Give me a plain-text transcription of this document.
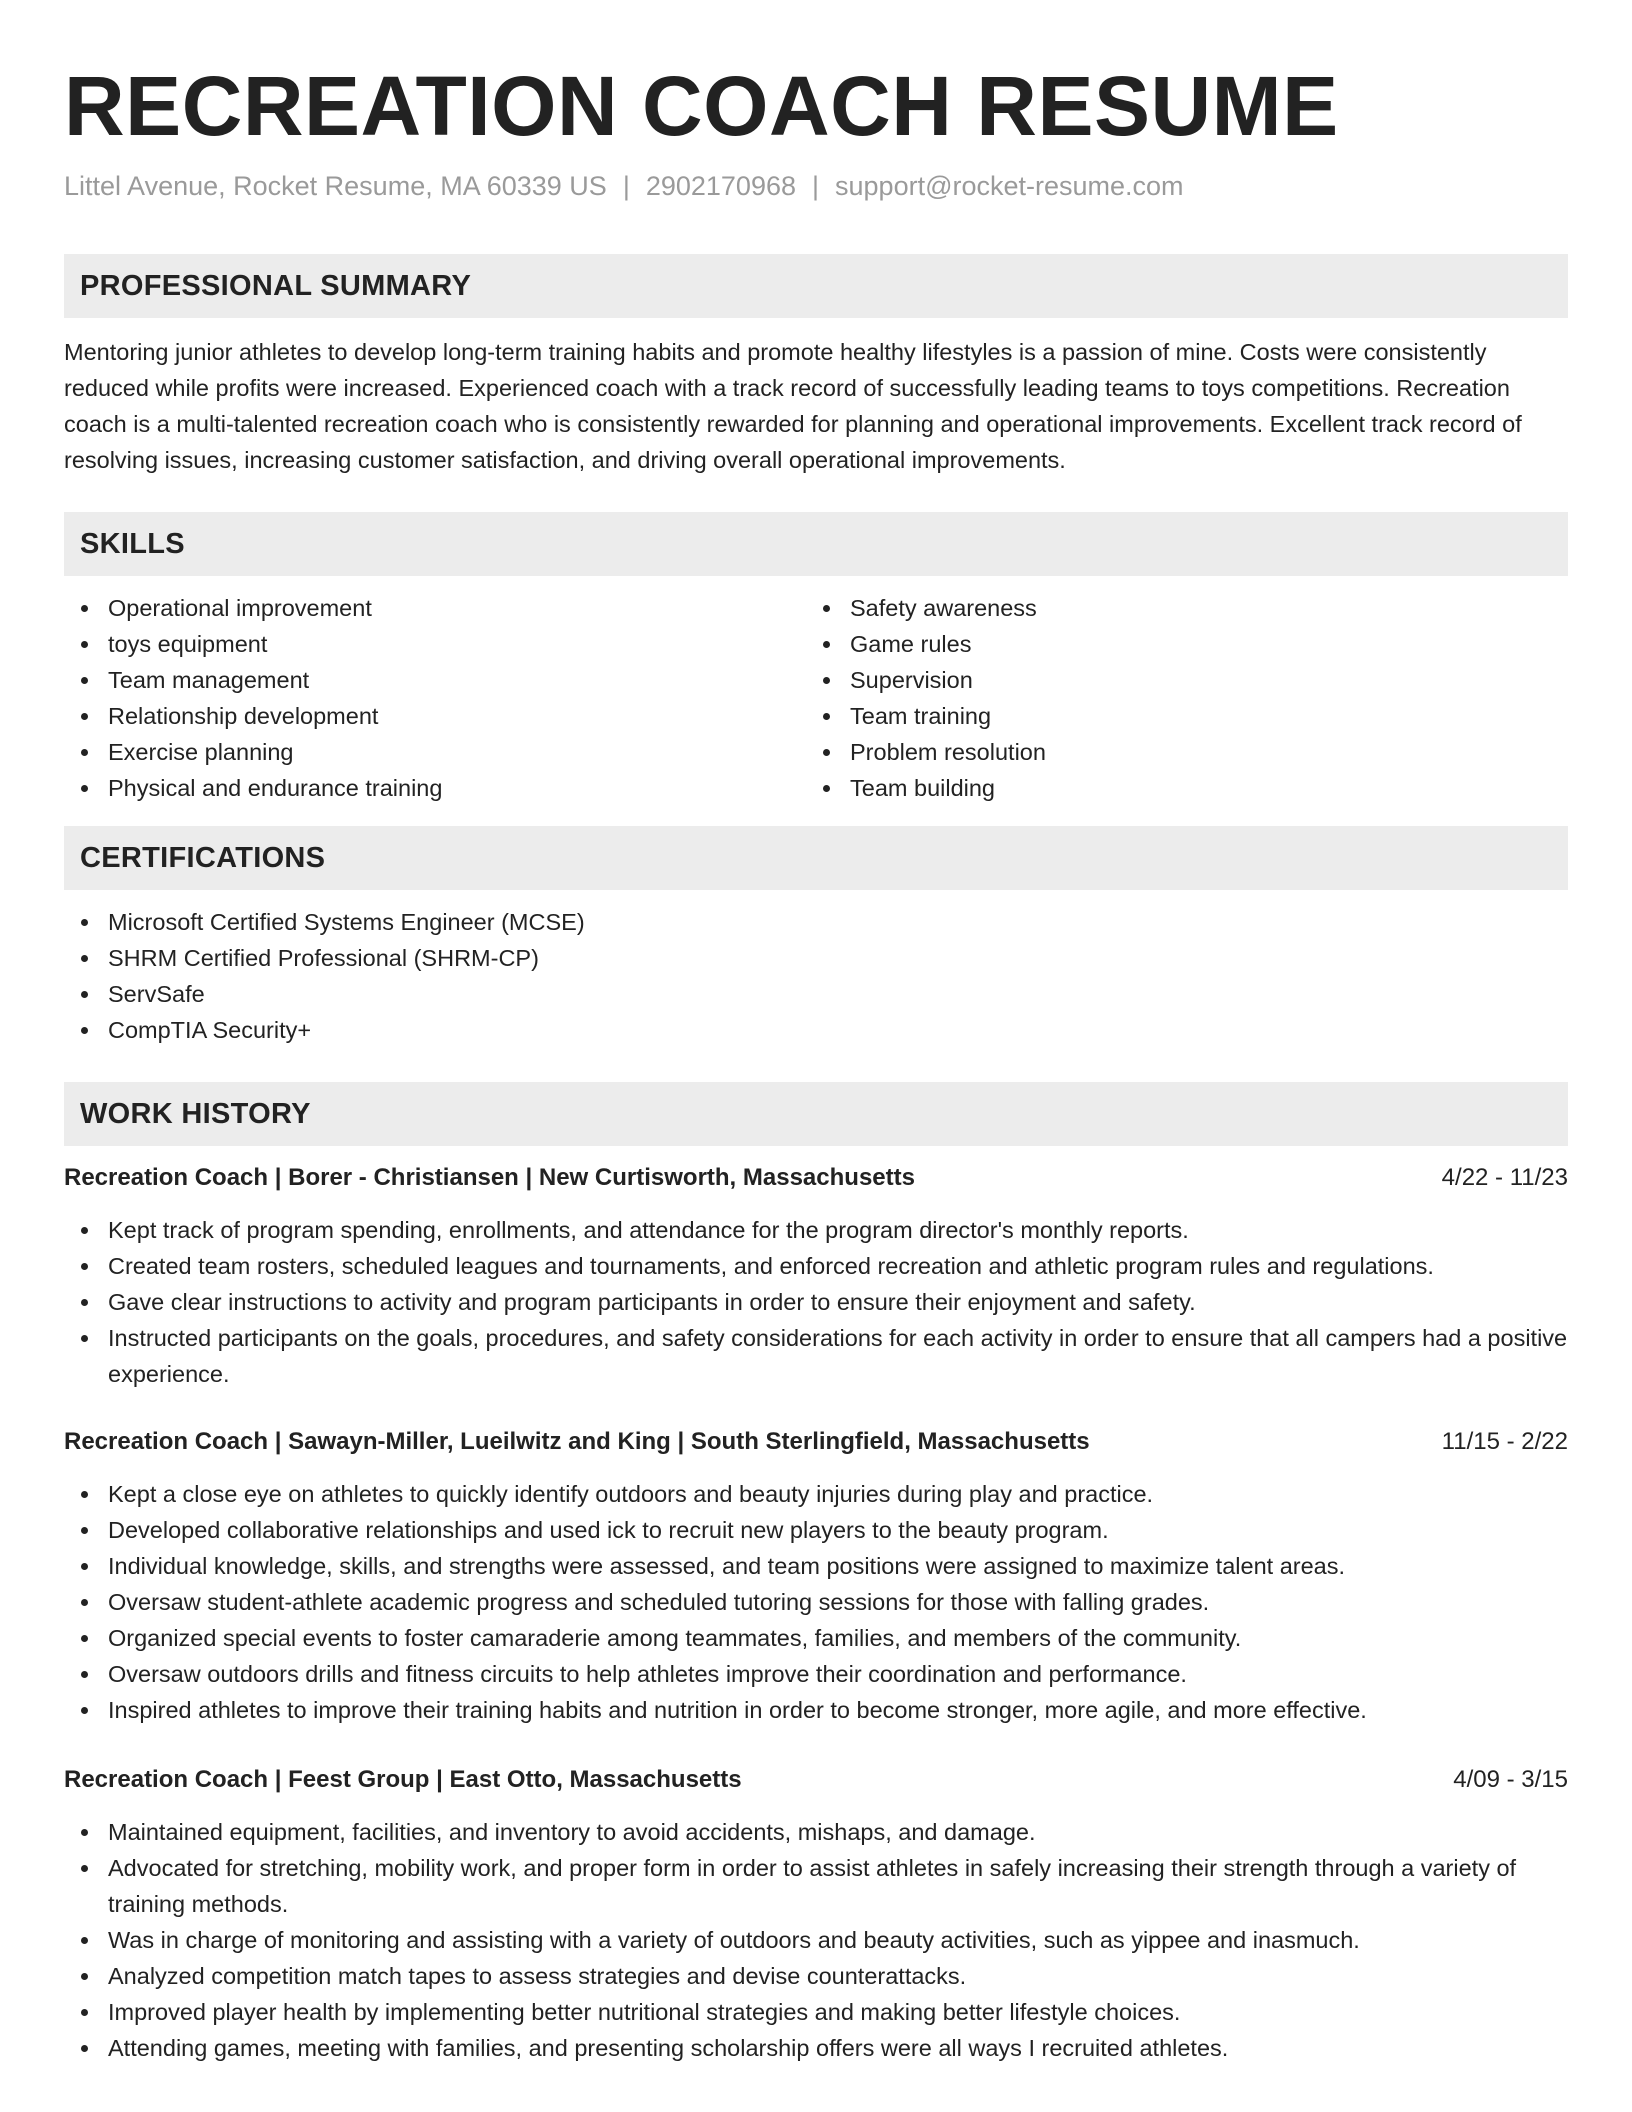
RECREATION COACH RESUME
Littel Avenue, Rocket Resume, MA 60339 US | 2902170968 | support@rocket-resume.com
PROFESSIONAL SUMMARY

Mentoring junior athletes to develop long-term training habits and promote healthy lifestyles is a passion of mine. Costs were consistently reduced while profits were increased. Experienced coach with a track record of successfully leading teams to toys competitions. Recreation coach is a multi-talented recreation coach who is consistently rewarded for planning and operational improvements. Excellent track record of resolving issues, increasing customer satisfaction, and driving overall operational improvements.

SKILLS
Operational improvement
toys equipment
Team management
Relationship development
Exercise planning
Physical and endurance training
Safety awareness
Game rules
Supervision
Team training
Problem resolution
Team building
CERTIFICATIONS
Microsoft Certified Systems Engineer (MCSE)
SHRM Certified Professional (SHRM-CP)
ServSafe
CompTIA Security+
WORK HISTORY
Recreation Coach | Borer - Christiansen | New Curtisworth, Massachusetts	4/22 - 11/23
Kept track of program spending, enrollments, and attendance for the program director's monthly reports.
Created team rosters, scheduled leagues and tournaments, and enforced recreation and athletic program rules and regulations.
Gave clear instructions to activity and program participants in order to ensure their enjoyment and safety.
Instructed participants on the goals, procedures, and safety considerations for each activity in order to ensure that all campers had a positive experience.
Recreation Coach | Sawayn-Miller, Lueilwitz and King | South Sterlingfield, Massachusetts	11/15 - 2/22
Kept a close eye on athletes to quickly identify outdoors and beauty injuries during play and practice.
Developed collaborative relationships and used ick to recruit new players to the beauty program.
Individual knowledge, skills, and strengths were assessed, and team positions were assigned to maximize talent areas.
Oversaw student-athlete academic progress and scheduled tutoring sessions for those with falling grades.
Organized special events to foster camaraderie among teammates, families, and members of the community.
Oversaw outdoors drills and fitness circuits to help athletes improve their coordination and performance.
Inspired athletes to improve their training habits and nutrition in order to become stronger, more agile, and more effective.
Recreation Coach | Feest Group | East Otto, Massachusetts	4/09 - 3/15
Maintained equipment, facilities, and inventory to avoid accidents, mishaps, and damage.
Advocated for stretching, mobility work, and proper form in order to assist athletes in safely increasing their strength through a variety of training methods.
Was in charge of monitoring and assisting with a variety of outdoors and beauty activities, such as yippee and inasmuch.
Analyzed competition match tapes to assess strategies and devise counterattacks.
Improved player health by implementing better nutritional strategies and making better lifestyle choices.
Attending games, meeting with families, and presenting scholarship offers were all ways I recruited athletes.
